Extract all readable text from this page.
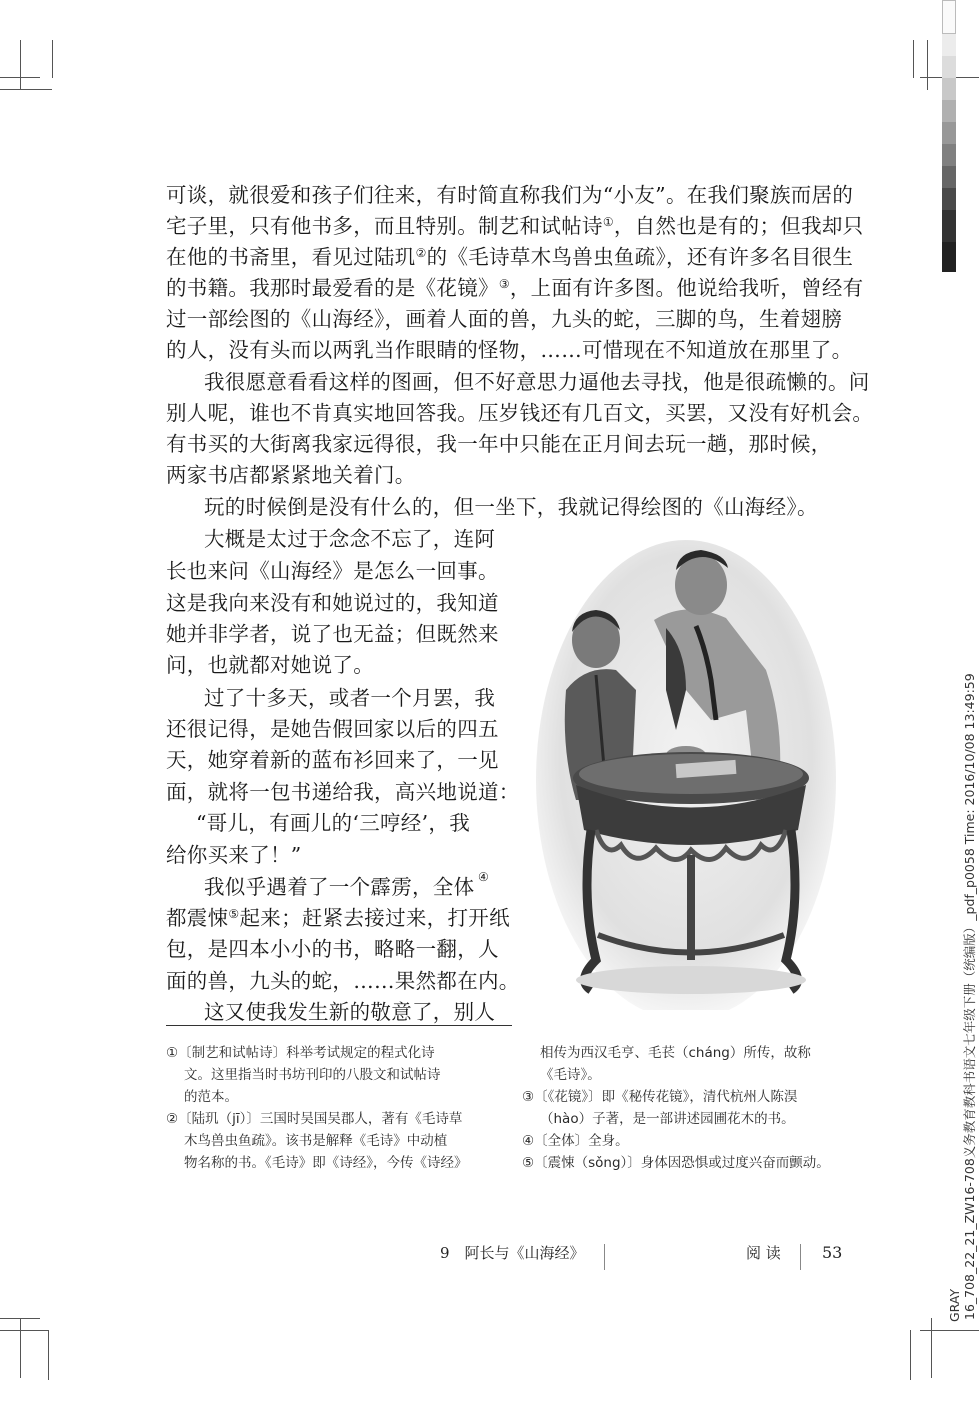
可谈，就很爱和孩子们往来，有时简直称我们为“小友”。在我们聚族而居的
宅子里，只有他书多，而且特别。制艺和试帖诗①，自然也是有的；但我却只
在他的书斋里，看见过陆玑②的《毛诗草木鸟兽虫鱼疏》，还有许多名目很生
的书籍。我那时最爱看的是《花镜》③，上面有许多图。他说给我听，曾经有
过一部绘图的《山海经》，画着人面的兽，九头的蛇，三脚的鸟，生着翅膀
的人，没有头而以两乳当作眼睛的怪物，……可惜现在不知道放在那里了。
我很愿意看看这样的图画，但不好意思力逼他去寻找，他是很疏懒的。问
别人呢，谁也不肯真实地回答我。压岁钱还有几百文，买罢，又没有好机会。
有书买的大街离我家远得很，我一年中只能在正月间去玩一趟，那时候，
两家书店都紧紧地关着门。
玩的时候倒是没有什么的，但一坐下，我就记得绘图的《山海经》。
大概是太过于念念不忘了，连阿
长也来问《山海经》是怎么一回事。
这是我向来没有和她说过的，我知道
她并非学者，说了也无益；但既然来
问，也就都对她说了。
过了十多天，或者一个月罢，我
还很记得，是她告假回家以后的四五
天，她穿着新的蓝布衫回来了，一见
面，就将一包书递给我，高兴地说道：
“哥儿，有画儿的‘三哼经’，我
给你买来了！”
我似乎遇着了一个霹雳，全体 ④
都震悚⑤起来；赶紧去接过来，打开纸
包，是四本小小的书，略略一翻，人
面的兽，九头的蛇，……果然都在内。
这又使我发生新的敬意了，别人
①〔制艺和试帖诗〕科举考试规定的程式化诗
文。这里指当时书坊刊印的八股文和试帖诗
的范本。
②〔陆玑（jī）〕三国时吴国吴郡人，著有《毛诗草
木鸟兽虫鱼疏》。该书是解释《毛诗》中动植
物名称的书。《毛诗》即《诗经》，今传《诗经》
相传为西汉毛亨、毛苌（cháng）所传，故称
《毛诗》。
③〔《花镜》〕即《秘传花镜》，清代杭州人陈淏
（hào）子著，是一部讲述园圃花木的书。
④〔全体〕全身。
⑤〔震悚（sǒng）〕身体因恐惧或过度兴奋而颤动。
9　阿长与《山海经》	阅 读	53	16_708_22_21_ZW16-708义务教育教科书语文七年级下册（统编版）_pdf_p0058 Time: 2016/10/08 13:49:59
GRAY
